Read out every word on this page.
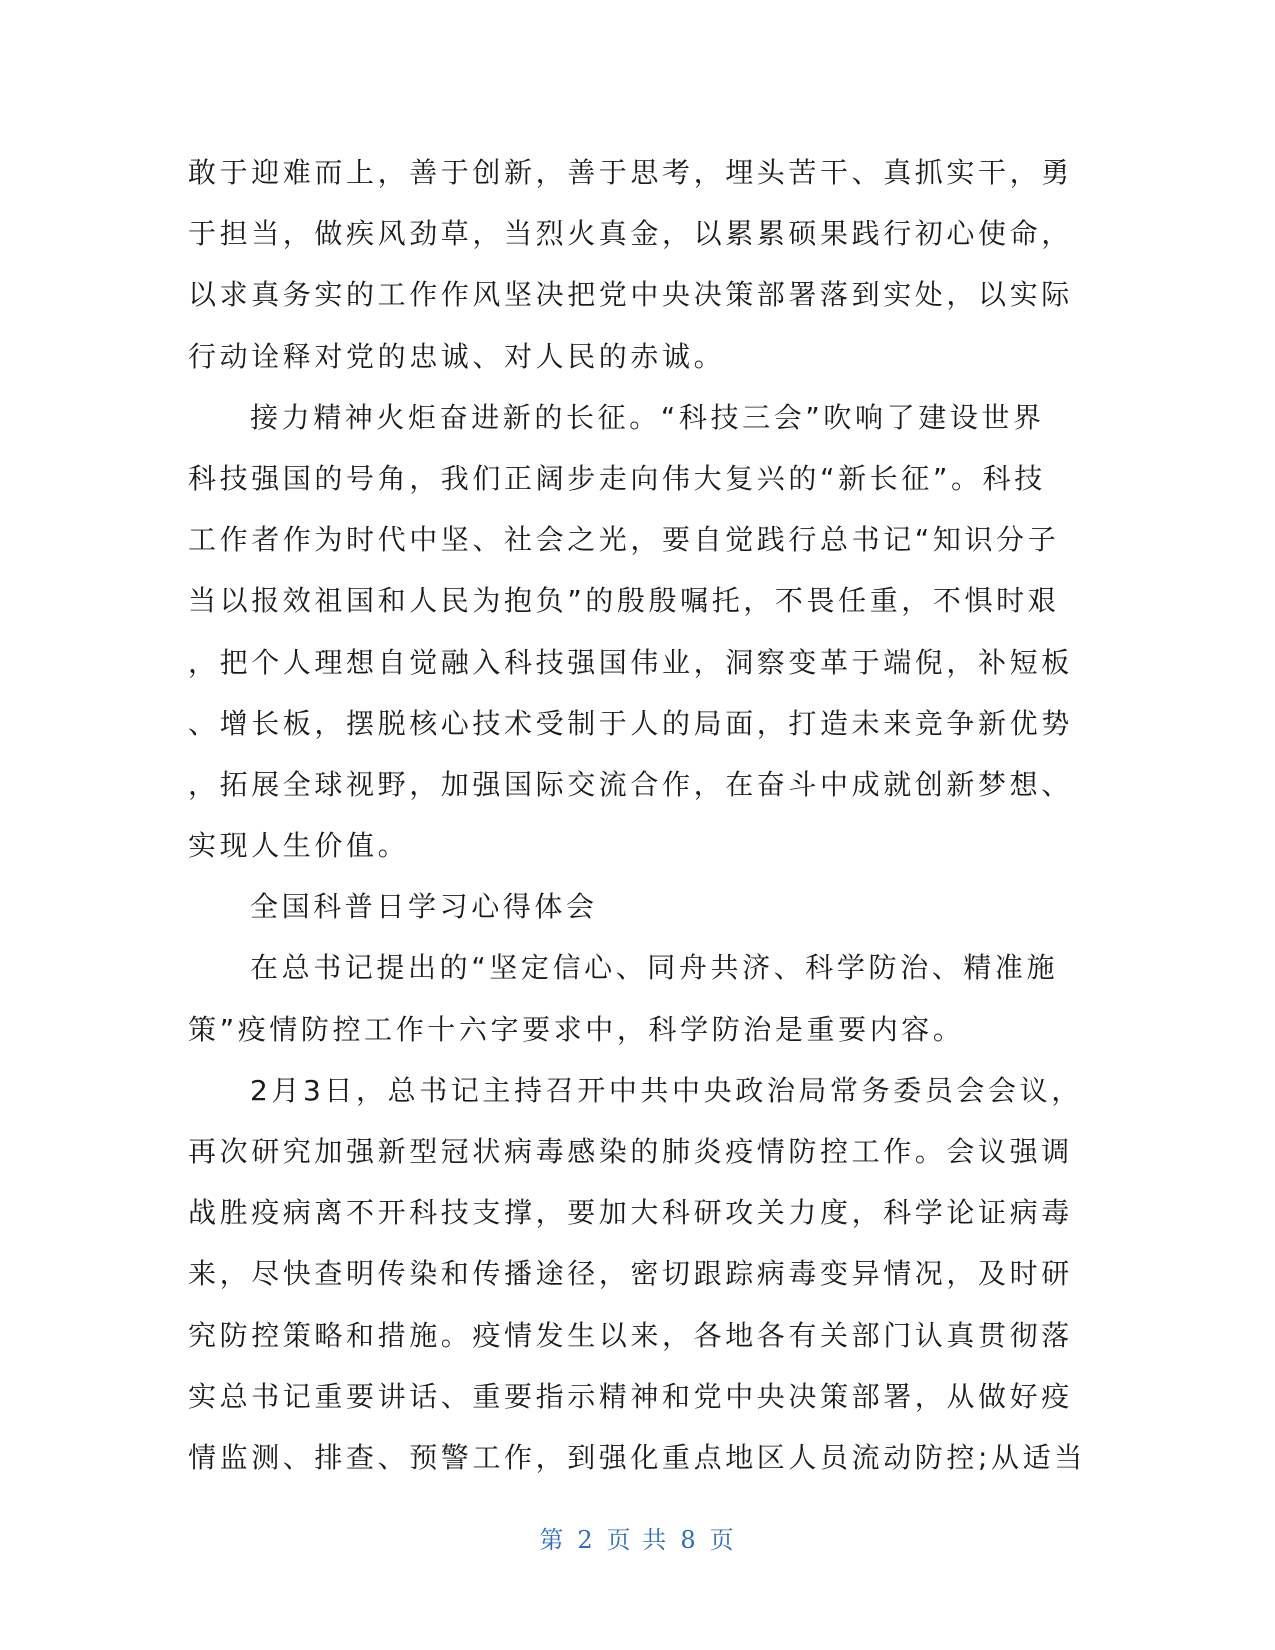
敢于迎难而上，善于创新，善于思考，埋头苦干、真抓实干，勇
于担当，做疾风劲草，当烈火真金，以累累硕果践行初心使命，
以求真务实的工作作风坚决把党中央决策部署落到实处，以实际
行动诠释对党的忠诚、对人民的赤诚。
接力精神火炬奋进新的长征。“科技三会”吹响了建设世界
科技强国的号角，我们正阔步走向伟大复兴的“新长征”。科技
工作者作为时代中坚、社会之光，要自觉践行总书记“知识分子
当以报效祖国和人民为抱负”的殷殷嘱托，不畏任重，不惧时艰
，把个人理想自觉融入科技强国伟业，洞察变革于端倪，补短板
、增长板，摆脱核心技术受制于人的局面，打造未来竞争新优势
，拓展全球视野，加强国际交流合作，在奋斗中成就创新梦想、
实现人生价值。
全国科普日学习心得体会
在总书记提出的“坚定信心、同舟共济、科学防治、精准施
策”疫情防控工作十六字要求中，科学防治是重要内容。
2月3日，总书记主持召开中共中央政治局常务委员会会议，
再次研究加强新型冠状病毒感染的肺炎疫情防控工作。会议强调
战胜疫病离不开科技支撑，要加大科研攻关力度，科学论证病毒
来，尽快查明传染和传播途径，密切跟踪病毒变异情况，及时研
究防控策略和措施。疫情发生以来，各地各有关部门认真贯彻落
实总书记重要讲话、重要指示精神和党中央决策部署，从做好疫
情监测、排查、预警工作，到强化重点地区人员流动防控;从适当
第 2 页 共 8 页
